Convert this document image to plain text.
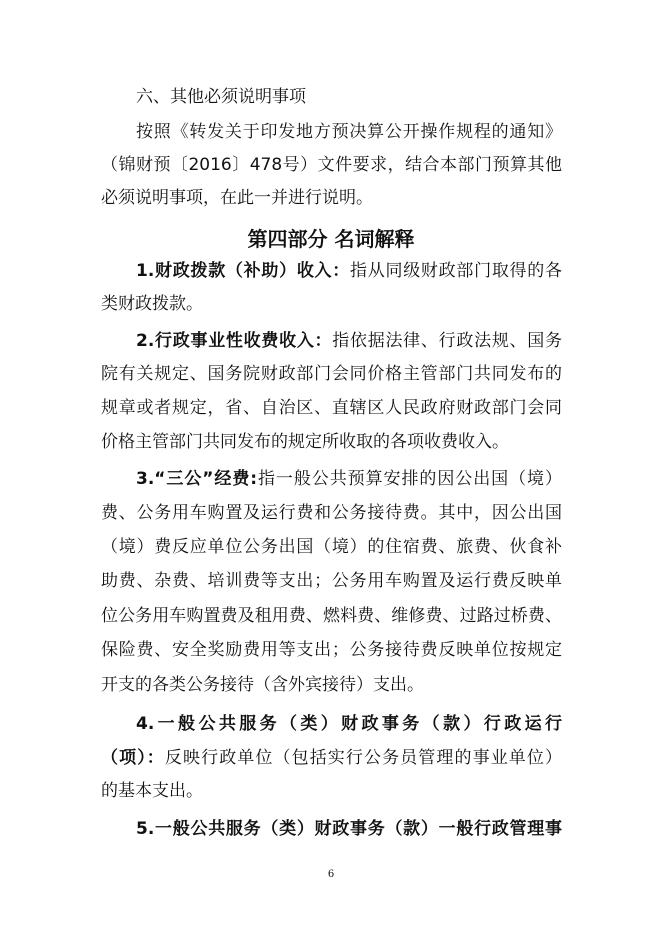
六、其他必须说明事项
第四部分 名词解释
按照《转发关于印发地方预决算公开操作规程的通知》
（锦财预〔2016〕478号）文件要求，结合本部门预算其他
必须说明事项，在此一并进行说明。
1.财政拨款（补助）收入：指从同级财政部门取得的各
类财政拨款。
2.行政事业性收费收入：指依据法律、行政法规、国务
院有关规定、国务院财政部门会同价格主管部门共同发布的
规章或者规定，省、自治区、直辖区人民政府财政部门会同
价格主管部门共同发布的规定所收取的各项收费收入。
3.“三公”经费:指一般公共预算安排的因公出国（境）
费、公务用车购置及运行费和公务接待费。其中，因公出国
（境）费反应单位公务出国（境）的住宿费、旅费、伙食补
助费、杂费、培训费等支出；公务用车购置及运行费反映单
位公务用车购置费及租用费、燃料费、维修费、过路过桥费、
保险费、安全奖励费用等支出；公务接待费反映单位按规定
开支的各类公务接待（含外宾接待）支出。
4.一般公共服务（类）财政事务（款）行政运行
（项）：反映行政单位（包括实行公务员管理的事业单位）
的基本支出。
5.一般公共服务（类）财政事务（款）一般行政管理事
6
